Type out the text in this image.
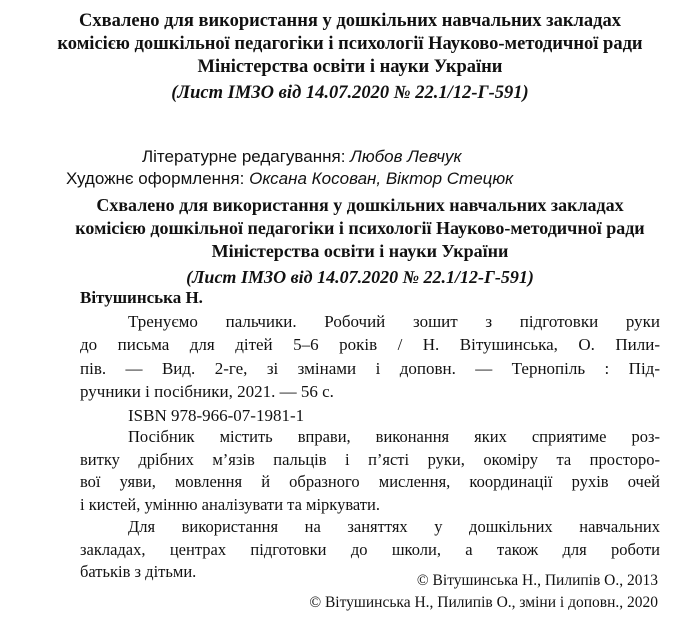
Схвалено для використання у дошкільних навчальних закладах
комісією дошкільної педагогіки і психології Науково-методичної ради
Міністерства освіти і науки України
(Лист ІМЗО від 14.07.2020 № 22.1/12-Г-591)
Літературне редагування: Любов Левчук
Художнє оформлення: Оксана Косован, Віктор Стецюк
Схвалено для використання у дошкільних навчальних закладах
комісією дошкільної педагогіки і психології Науково-методичної ради
Міністерства освіти і науки України
(Лист ІМЗО від 14.07.2020 № 22.1/12-Г-591)
Вітушинська Н.
Тренуємо пальчики. Робочий зошит з підготовки руки
до письма для дітей 5–6 років / Н. Вітушинська, О. Пили-
пів. — Вид. 2-ге, зі змінами і доповн. — Тернопіль : Під-
ручники і посібники, 2021. — 56 с.
ISBN 978-966-07-1981-1
Посібник містить вправи, виконання яких сприятиме роз-
витку дрібних м’язів пальців і п’ясті руки, окоміру та просторо-
вої уяви, мовлення й образного мислення, координації рухів очей
і кистей, умінню аналізувати та міркувати.
Для використання на заняттях у дошкільних навчальних
закладах, центрах підготовки до школи, а також для роботи
батьків з дітьми.	© Вітушинська Н., Пилипів О., 2013
© Вітушинська Н., Пилипів О., зміни і доповн., 2020
